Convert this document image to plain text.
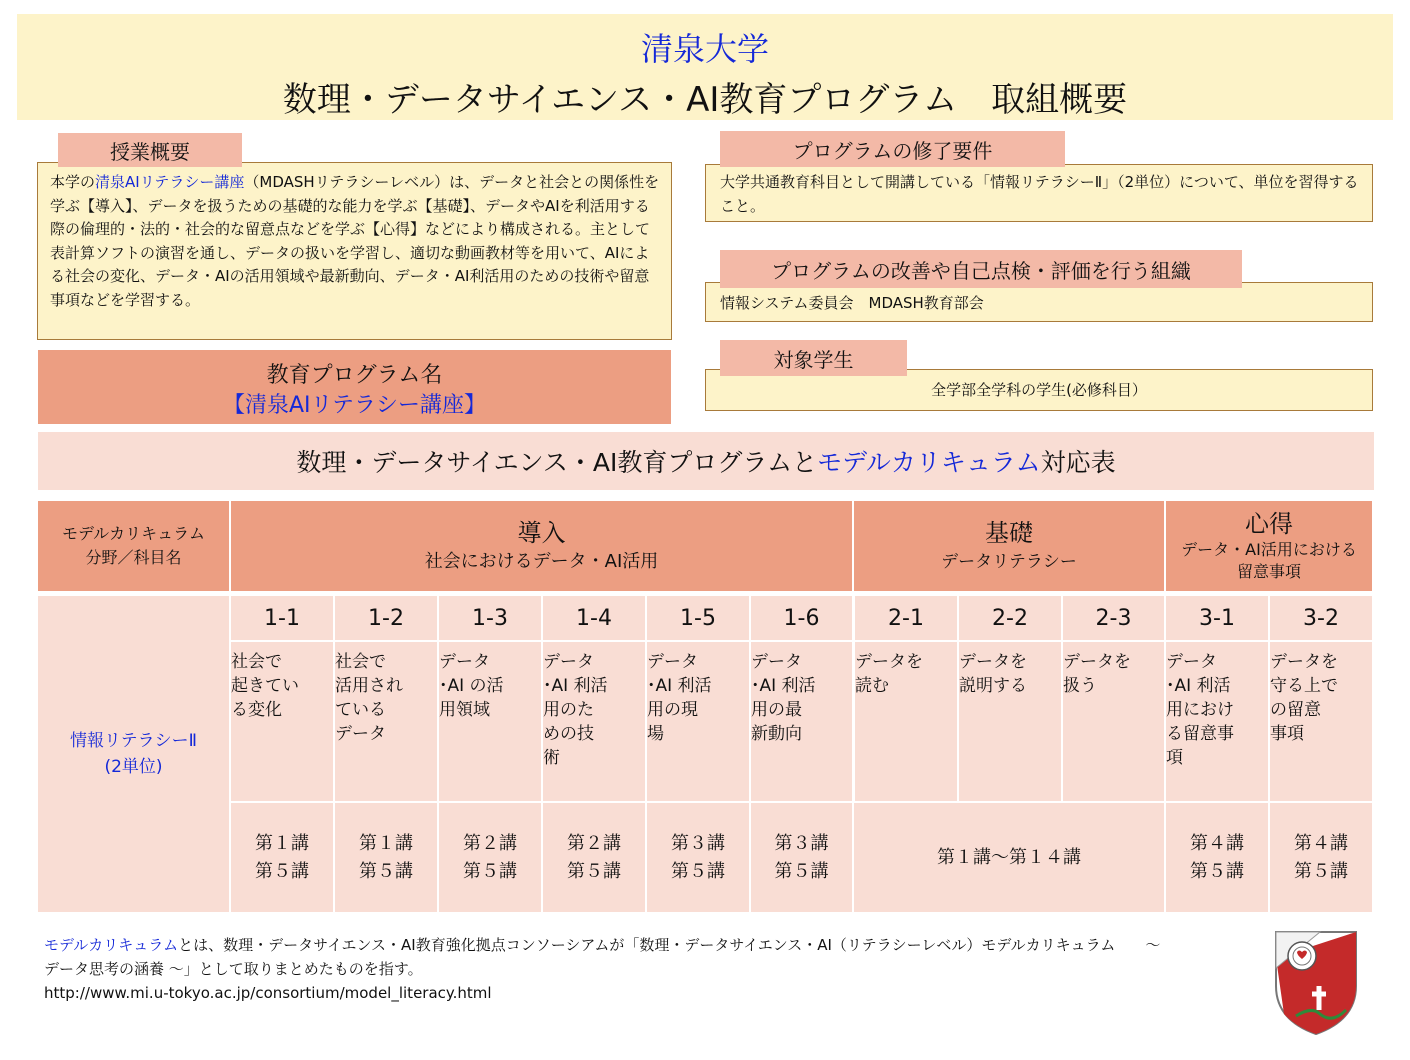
清泉大学
数理・データサイエンス・AI教育プログラム　取組概要
本学の清泉AIリテラシー講座（MDASHリテラシーレベル）は、データと社会との関係性を学ぶ【導入】、データを扱うための基礎的な能力を学ぶ【基礎】、データやAIを利活用する際の倫理的・法的・社会的な留意点などを学ぶ【心得】などにより構成される。主として表計算ソフトの演習を通し、データの扱いを学習し、適切な動画教材等を用いて、AIによる社会の変化、データ・AIの活用領域や最新動向、データ・AI利活用のための技術や留意事項などを学習する。
授業概要
教育プログラム名
【清泉AIリテラシー講座】
大学共通教育科目として開講している「情報リテラシーⅡ」（2単位）について、単位を習得すること。
プログラムの修了要件
情報システム委員会　MDASH教育部会
プログラムの改善や自己点検・評価を行う組織
全学部全学科の学生(必修科目）
対象学生
数理・データサイエンス・AI教育プログラムと モデルカリキュラム 対応表
モデルカリキュラム
分野／科目名
導入
社会におけるデータ・AI活用
基礎
データリテラシー
心得
データ・AI活用における留意事項
情報リテラシーⅡ
(2単位)
1-1
社会で
起きてい
る変化
第１講
第５講
1-2
社会で
活用され
ている
データ
第１講
第５講
1-3
データ
･AI の活
用領域
第２講
第５講
1-4
データ
･AI 利活
用のた
めの技
術
第２講
第５講
1-5
データ
･AI 利活
用の現
場
第３講
第５講
1-6
データ
･AI 利活
用の最
新動向
第３講
第５講
2-1
データを
読む
2-2
データを
説明する
2-3
データを
扱う
3-1
データ
･AI 利活
用におけ
る留意事
項
第４講
第５講
3-2
データを
守る上で
の留意
事項
第４講
第５講
第１講～第１４講
モデルカリキュラムとは、数理・データサイエンス・AI教育強化拠点コンソーシアムが「数理・データサイエンス・AI（リテラシーレベル）モデルカリキュラム　　～
データ思考の涵養 ～」として取りまとめたものを指す。
http://www.mi.u-tokyo.ac.jp/consortium/model_literacy.html
